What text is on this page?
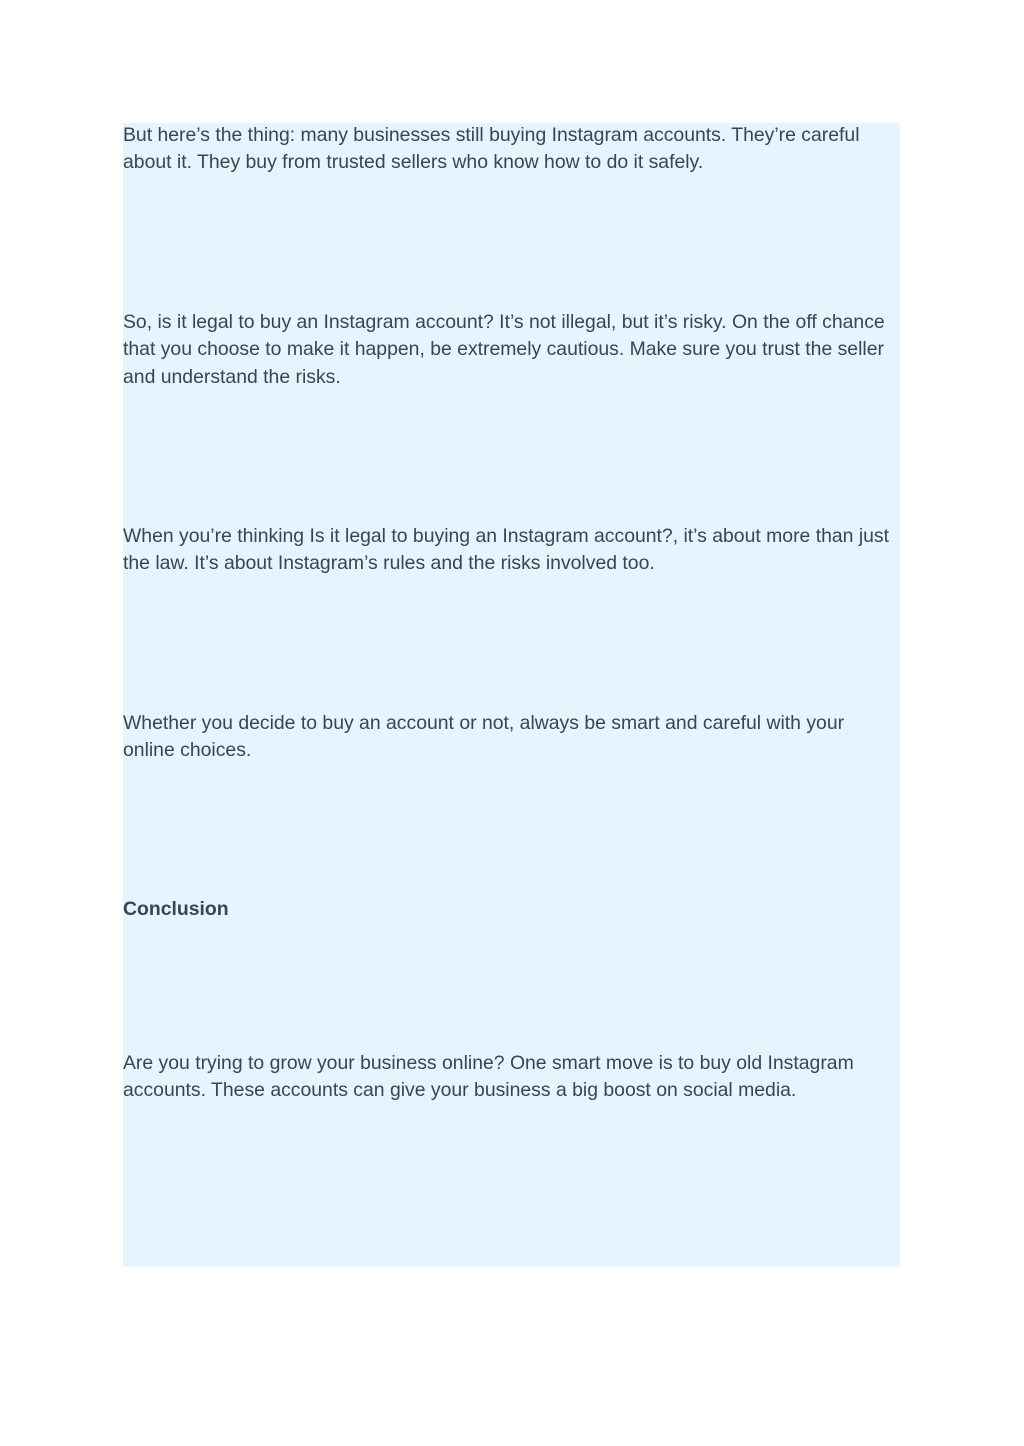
But here’s the thing: many businesses still buying Instagram accounts. They’re careful about it. They buy from trusted sellers who know how to do it safely.

So, is it legal to buy an Instagram account? It’s not illegal, but it’s risky. On the off chance that you choose to make it happen, be extremely cautious. Make sure you trust the seller and understand the risks.

When you’re thinking Is it legal to buying an Instagram account?, it’s about more than just the law. It’s about Instagram’s rules and the risks involved too.

Whether you decide to buy an account or not, always be smart and careful with your online choices.

Conclusion

Are you trying to grow your business online? One smart move is to buy old Instagram accounts. These accounts can give your business a big boost on social media.
